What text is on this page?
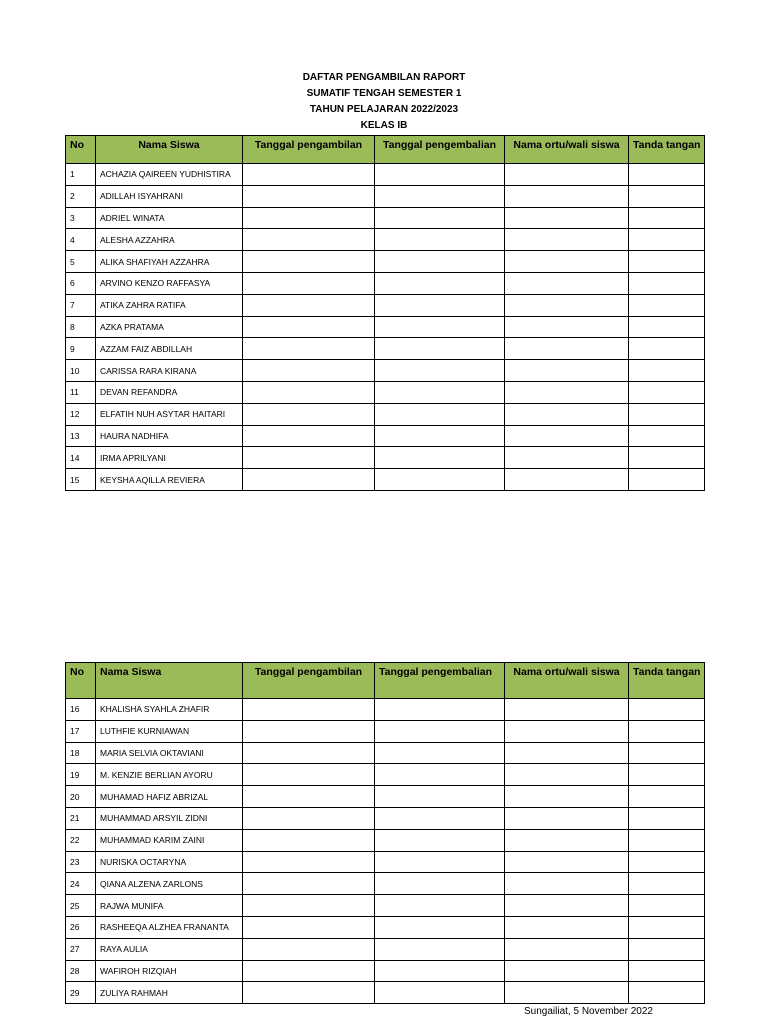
DAFTAR PENGAMBILAN RAPORT
SUMATIF TENGAH SEMESTER 1
TAHUN PELAJARAN 2022/2023
KELAS IB
No	Nama Siswa	Tanggal pengambilan	Tanggal pengembalian	Nama ortu/wali siswa	Tanda tangan
1	ACHAZIA QAIREEN YUDHISTIRA				
2	ADILLAH ISYAHRANI				
3	ADRIEL WINATA				
4	ALESHA AZZAHRA				
5	ALIKA SHAFIYAH AZZAHRA				
6	ARVINO KENZO RAFFASYA				
7	ATIKA ZAHRA RATIFA				
8	AZKA PRATAMA				
9	AZZAM FAIZ ABDILLAH				
10	CARISSA RARA KIRANA				
11	DEVAN REFANDRA				
12	ELFATIH NUH ASYTAR HAITARI				
13	HAURA NADHIFA				
14	IRMA APRILYANI				
15	KEYSHA AQILLA REVIERA				
No	Nama Siswa	Tanggal pengambilan	Tanggal pengembalian	Nama ortu/wali siswa	Tanda tangan
16	KHALISHA SYAHLA ZHAFIR				
17	LUTHFIE KURNIAWAN				
18	MARIA SELVIA OKTAVIANI				
19	M. KENZIE BERLIAN AYORU				
20	MUHAMAD HAFIZ ABRIZAL				
21	MUHAMMAD ARSYIL ZIDNI				
22	MUHAMMAD KARIM ZAINI				
23	NURISKA OCTARYNA				
24	QIANA ALZENA ZARLONS				
25	RAJWA MUNIFA				
26	RASHEEQA ALZHEA FRANANTA				
27	RAYA AULIA				
28	WAFIROH RIZQIAH				
29	ZULIYA RAHMAH				
Sungailiat, 5 November 2022
